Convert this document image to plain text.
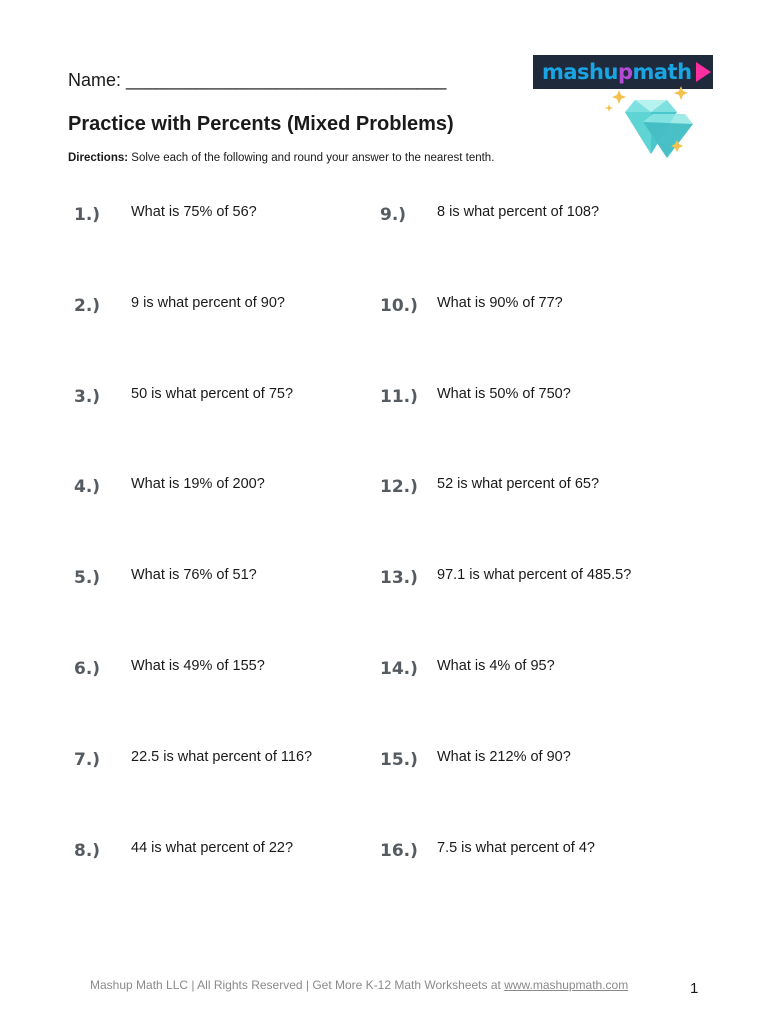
Name: ________________________________
Practice with Percents (Mixed Problems)
Directions: Solve each of the following and round your answer to the nearest tenth.
mashupmath
1.) What is 75% of 56?
2.) 9 is what percent of 90?
3.) 50 is what percent of 75?
4.) What is 19% of 200?
5.) What is 76% of 51?
6.) What is 49% of 155?
7.) 22.5 is what percent of 116?
8.) 44 is what percent of 22?
9.) 8 is what percent of 108?
10.) What is 90% of 77?
11.) What is 50% of 750?
12.) 52 is what percent of 65?
13.) 97.1 is what percent of 485.5?
14.) What is 4% of 95?
15.) What is 212% of 90?
16.) 7.5 is what percent of 4?
Mashup Math LLC | All Rights Reserved | Get More K-12 Math Worksheets at www.mashupmath.com	1
